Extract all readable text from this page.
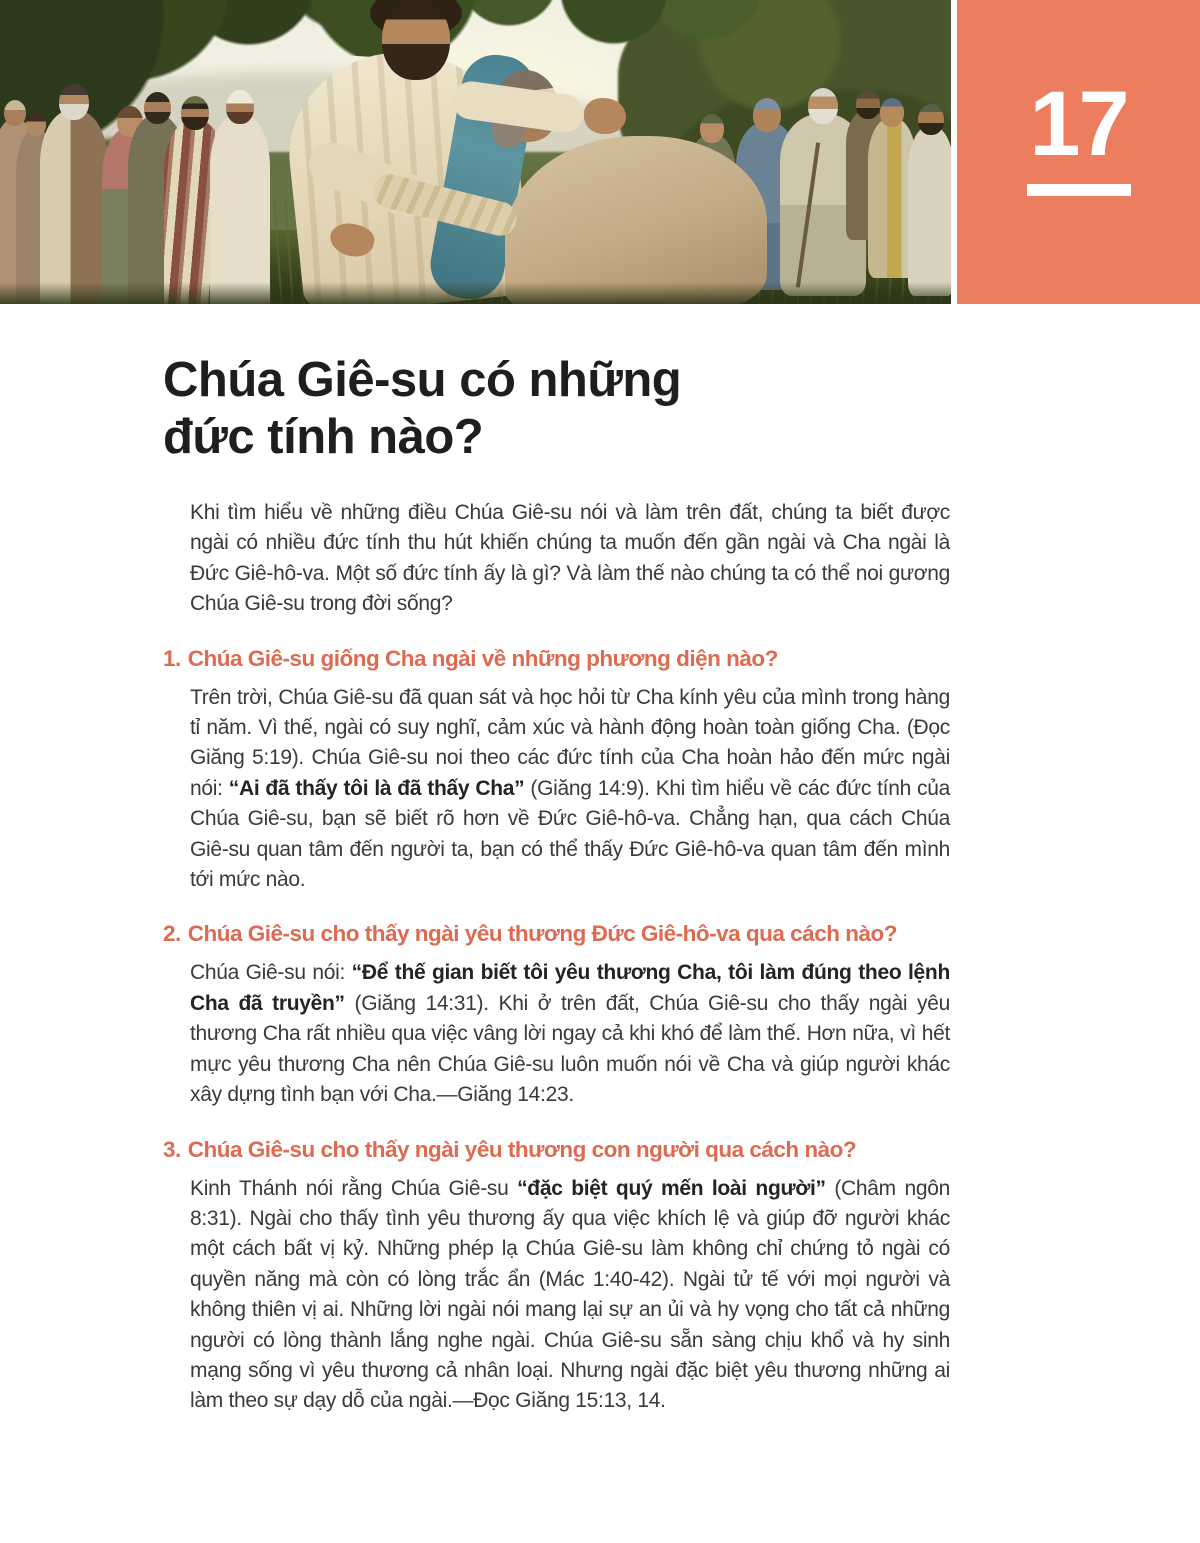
17
Chúa Giê-su có những đức tính nào?

Khi tìm hiểu về những điều Chúa Giê-su nói và làm trên đất, chúng ta biết được ngài có nhiều đức tính thu hút khiến chúng ta muốn đến gần ngài và Cha ngài là Đức Giê-hô-va. Một số đức tính ấy là gì? Và làm thế nào chúng ta có thể noi gương Chúa Giê-su trong đời sống?

1. Chúa Giê-su giống Cha ngài về những phương diện nào?

Trên trời, Chúa Giê-su đã quan sát và học hỏi từ Cha kính yêu của mình trong hàng tỉ năm. Vì thế, ngài có suy nghĩ, cảm xúc và hành động hoàn toàn giống Cha. (Đọc Giăng 5:19). Chúa Giê-su noi theo các đức tính của Cha hoàn hảo đến mức ngài nói: “Ai đã thấy tôi là đã thấy Cha” (Giăng 14:9). Khi tìm hiểu về các đức tính của Chúa Giê-su, bạn sẽ biết rõ hơn về Đức Giê-hô-va. Chẳng hạn, qua cách Chúa Giê-su quan tâm đến người ta, bạn có thể thấy Đức Giê-hô-va quan tâm đến mình tới mức nào.

2. Chúa Giê-su cho thấy ngài yêu thương Đức Giê-hô-va qua cách nào?

Chúa Giê-su nói: “Để thế gian biết tôi yêu thương Cha, tôi làm đúng theo lệnh Cha đã truyền” (Giăng 14:31). Khi ở trên đất, Chúa Giê-su cho thấy ngài yêu thương Cha rất nhiều qua việc vâng lời ngay cả khi khó để làm thế. Hơn nữa, vì hết mực yêu thương Cha nên Chúa Giê-su luôn muốn nói về Cha và giúp người khác xây dựng tình bạn với Cha.—Giăng 14:23.

3. Chúa Giê-su cho thấy ngài yêu thương con người qua cách nào?

Kinh Thánh nói rằng Chúa Giê-su “đặc biệt quý mến loài người” (Châm ngôn 8:31). Ngài cho thấy tình yêu thương ấy qua việc khích lệ và giúp đỡ người khác một cách bất vị kỷ. Những phép lạ Chúa Giê-su làm không chỉ chứng tỏ ngài có quyền năng mà còn có lòng trắc ẩn (Mác 1:40-42). Ngài tử tế với mọi người và không thiên vị ai. Những lời ngài nói mang lại sự an ủi và hy vọng cho tất cả những người có lòng thành lắng nghe ngài. Chúa Giê-su sẵn sàng chịu khổ và hy sinh mạng sống vì yêu thương cả nhân loại. Nhưng ngài đặc biệt yêu thương những ai làm theo sự dạy dỗ của ngài.—Đọc Giăng 15:13, 14.
